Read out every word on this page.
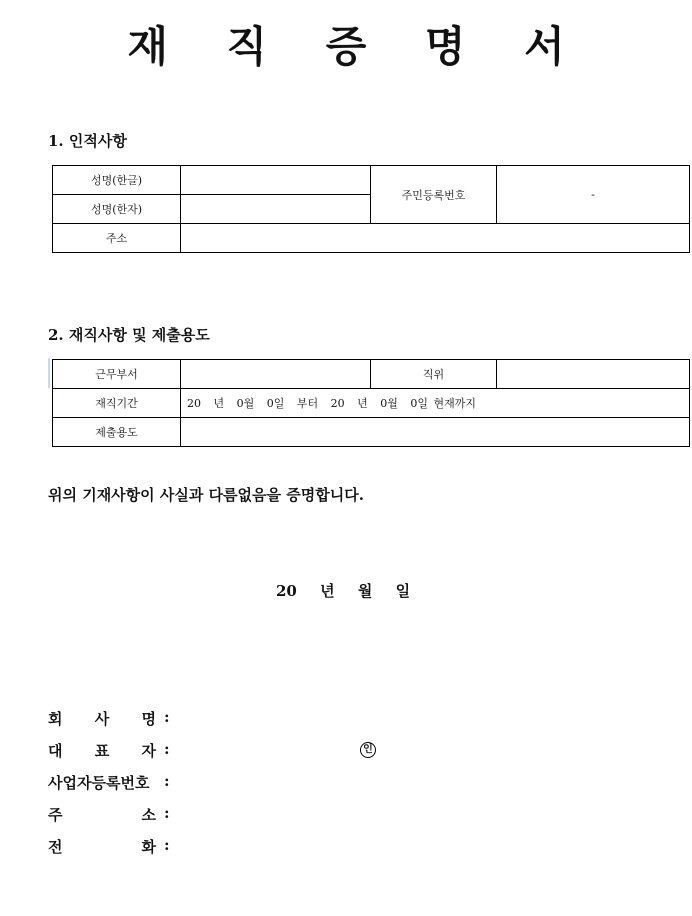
재 직 증 명 서
1. 인적사항
성명(한글)		주민등록번호	-
성명(한자)			
주소			
2. 재직사항 및 제출용도
근무부서		직위	
재직기간	20 년 0월 0일 부터 20 년 0월 0일 현재까지		
제출용도			
위의 기재사항이 사실과 다름없음을 증명합니다.
20 년 월 일
회 사 명 :
대 표 자 :	인
사업자등록번호 :
주	소 :
전	화 :
